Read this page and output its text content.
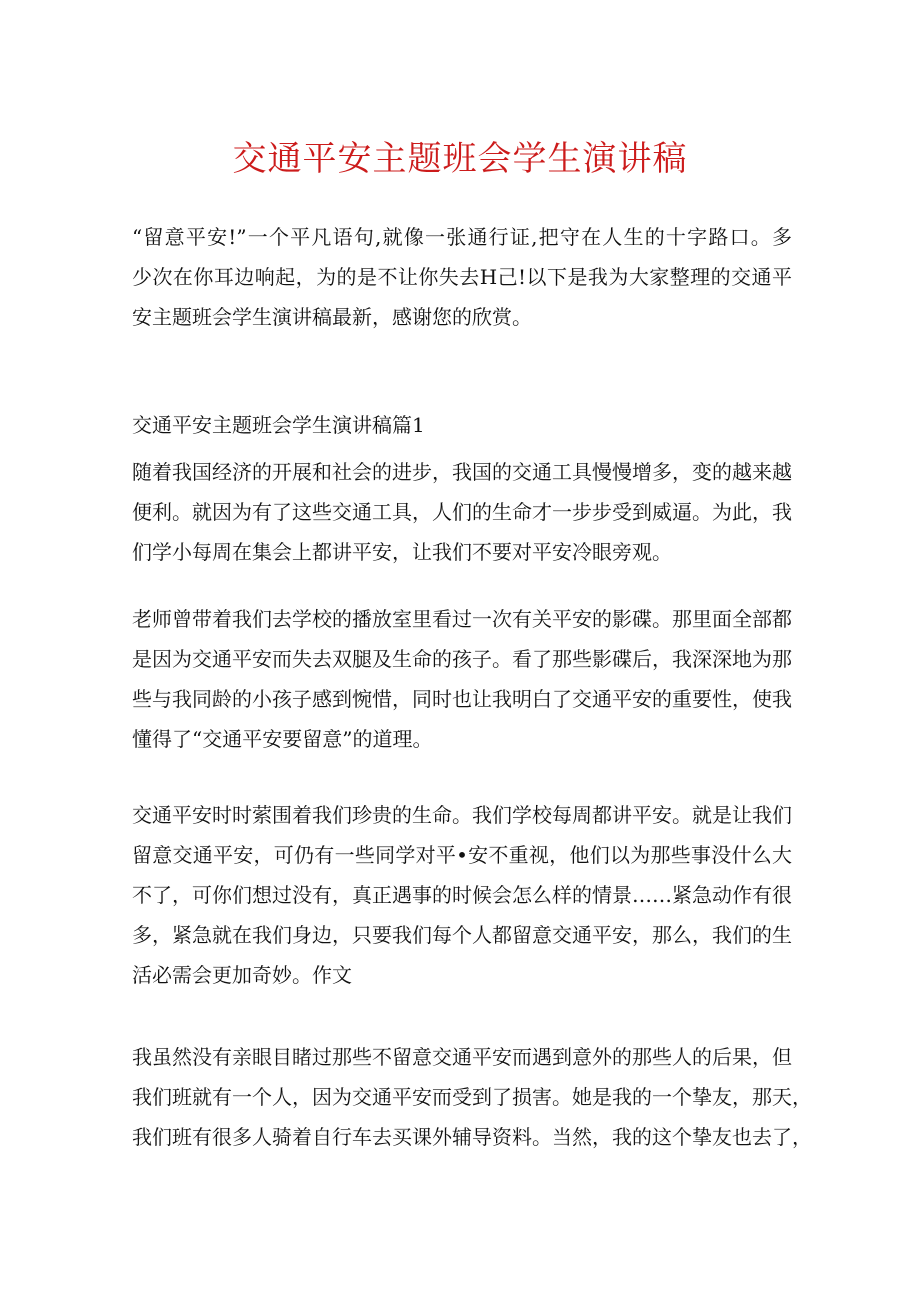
交通平安主题班会学生演讲稿
“留意平安!”一个平凡语句,就像一张通行证,把守在人生的十字路口。多
少次在你耳边响起，为的是不让你失去H己!以下是我为大家整理的交通平
安主题班会学生演讲稿最新，感谢您的欣赏。
交通平安主题班会学生演讲稿篇1
随着我国经济的开展和社会的进步，我国的交通工具慢慢增多，变的越来越
便利。就因为有了这些交通工具，人们的生命才一步步受到威逼。为此，我
们学小每周在集会上都讲平安，让我们不要对平安冷眼旁观。
老师曾带着我们去学校的播放室里看过一次有关平安的影碟。那里面全部都
是因为交通平安而失去双腿及生命的孩子。看了那些影碟后，我深深地为那
些与我同龄的小孩子感到惋惜，同时也让我明白了交通平安的重要性，使我
懂得了“交通平安要留意”的道理。
交通平安时时萦围着我们珍贵的生命。我们学校每周都讲平安。就是让我们
留意交通平安，可仍有一些同学对平•安不重视，他们以为那些事没什么大
不了，可你们想过没有，真正遇事的时候会怎么样的情景……紧急动作有很
多，紧急就在我们身边，只要我们每个人都留意交通平安，那么，我们的生
活必需会更加奇妙。作文
我虽然没有亲眼目睹过那些不留意交通平安而遇到意外的那些人的后果，但
我们班就有一个人，因为交通平安而受到了损害。她是我的一个挚友，那天，
我们班有很多人骑着自行车去买课外辅导资料。当然，我的这个挚友也去了，
